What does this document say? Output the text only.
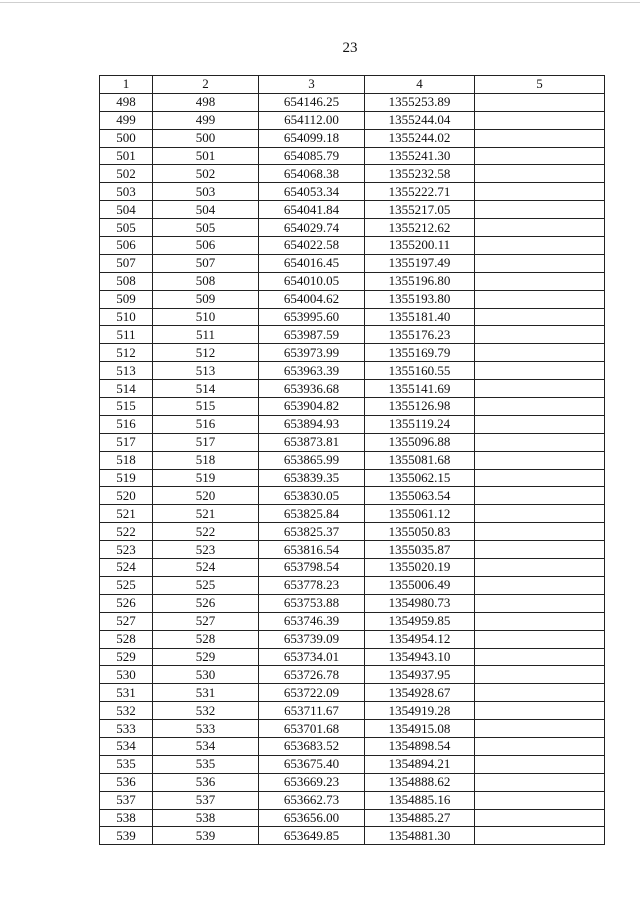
23
1	2	3	4	5
498	498	654146.25	1355253.89	
499	499	654112.00	1355244.04	
500	500	654099.18	1355244.02	
501	501	654085.79	1355241.30	
502	502	654068.38	1355232.58	
503	503	654053.34	1355222.71	
504	504	654041.84	1355217.05	
505	505	654029.74	1355212.62	
506	506	654022.58	1355200.11	
507	507	654016.45	1355197.49	
508	508	654010.05	1355196.80	
509	509	654004.62	1355193.80	
510	510	653995.60	1355181.40	
511	511	653987.59	1355176.23	
512	512	653973.99	1355169.79	
513	513	653963.39	1355160.55	
514	514	653936.68	1355141.69	
515	515	653904.82	1355126.98	
516	516	653894.93	1355119.24	
517	517	653873.81	1355096.88	
518	518	653865.99	1355081.68	
519	519	653839.35	1355062.15	
520	520	653830.05	1355063.54	
521	521	653825.84	1355061.12	
522	522	653825.37	1355050.83	
523	523	653816.54	1355035.87	
524	524	653798.54	1355020.19	
525	525	653778.23	1355006.49	
526	526	653753.88	1354980.73	
527	527	653746.39	1354959.85	
528	528	653739.09	1354954.12	
529	529	653734.01	1354943.10	
530	530	653726.78	1354937.95	
531	531	653722.09	1354928.67	
532	532	653711.67	1354919.28	
533	533	653701.68	1354915.08	
534	534	653683.52	1354898.54	
535	535	653675.40	1354894.21	
536	536	653669.23	1354888.62	
537	537	653662.73	1354885.16	
538	538	653656.00	1354885.27	
539	539	653649.85	1354881.30	
